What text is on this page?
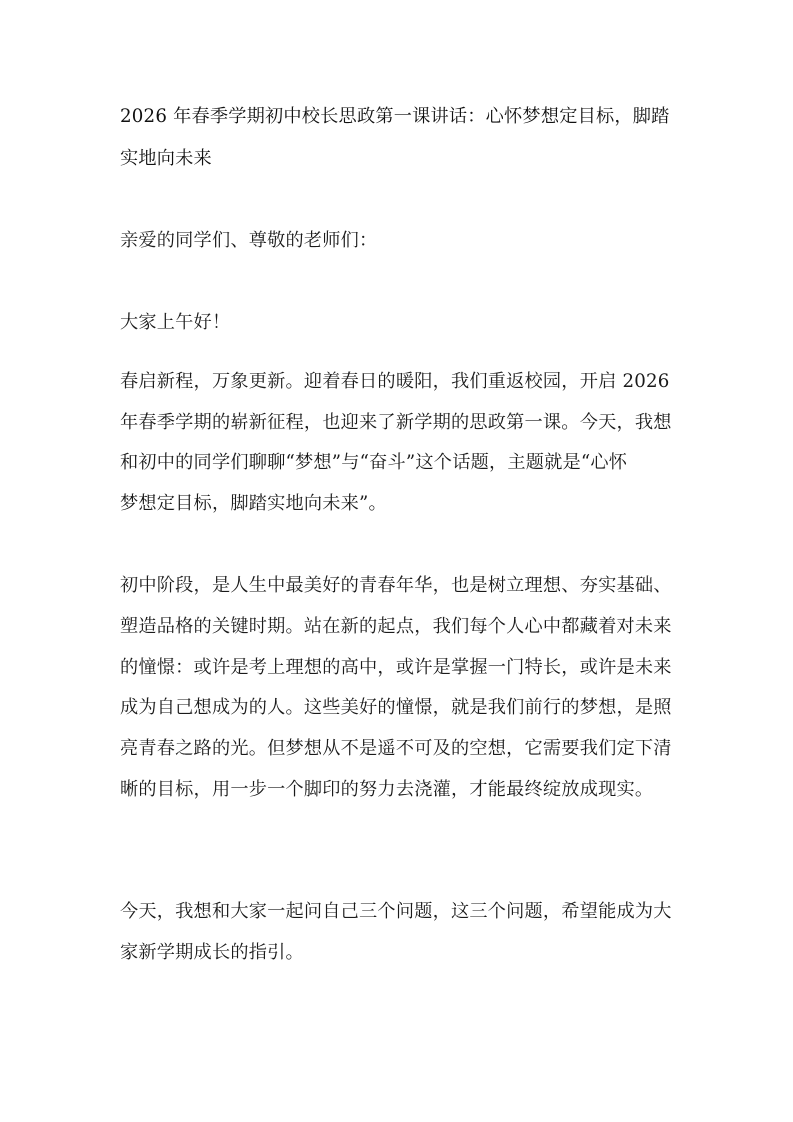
2026 年春季学期初中校长思政第一课讲话：心怀梦想定目标，脚踏
实地向未来
亲爱的同学们、尊敬的老师们：
大家上午好！
春启新程，万象更新。迎着春日的暖阳，我们重返校园，开启 2026
年春季学期的崭新征程，也迎来了新学期的思政第一课。今天，我想
和初中的同学们聊聊“梦想”与“奋斗”这个话题，主题就是“心怀
梦想定目标，脚踏实地向未来”。
初中阶段，是人生中最美好的青春年华，也是树立理想、夯实基础、
塑造品格的关键时期。站在新的起点，我们每个人心中都藏着对未来
的憧憬：或许是考上理想的高中，或许是掌握一门特长，或许是未来
成为自己想成为的人。这些美好的憧憬，就是我们前行的梦想，是照
亮青春之路的光。但梦想从不是遥不可及的空想，它需要我们定下清
晰的目标，用一步一个脚印的努力去浇灌，才能最终绽放成现实。
今天，我想和大家一起问自己三个问题，这三个问题，希望能成为大
家新学期成长的指引。
